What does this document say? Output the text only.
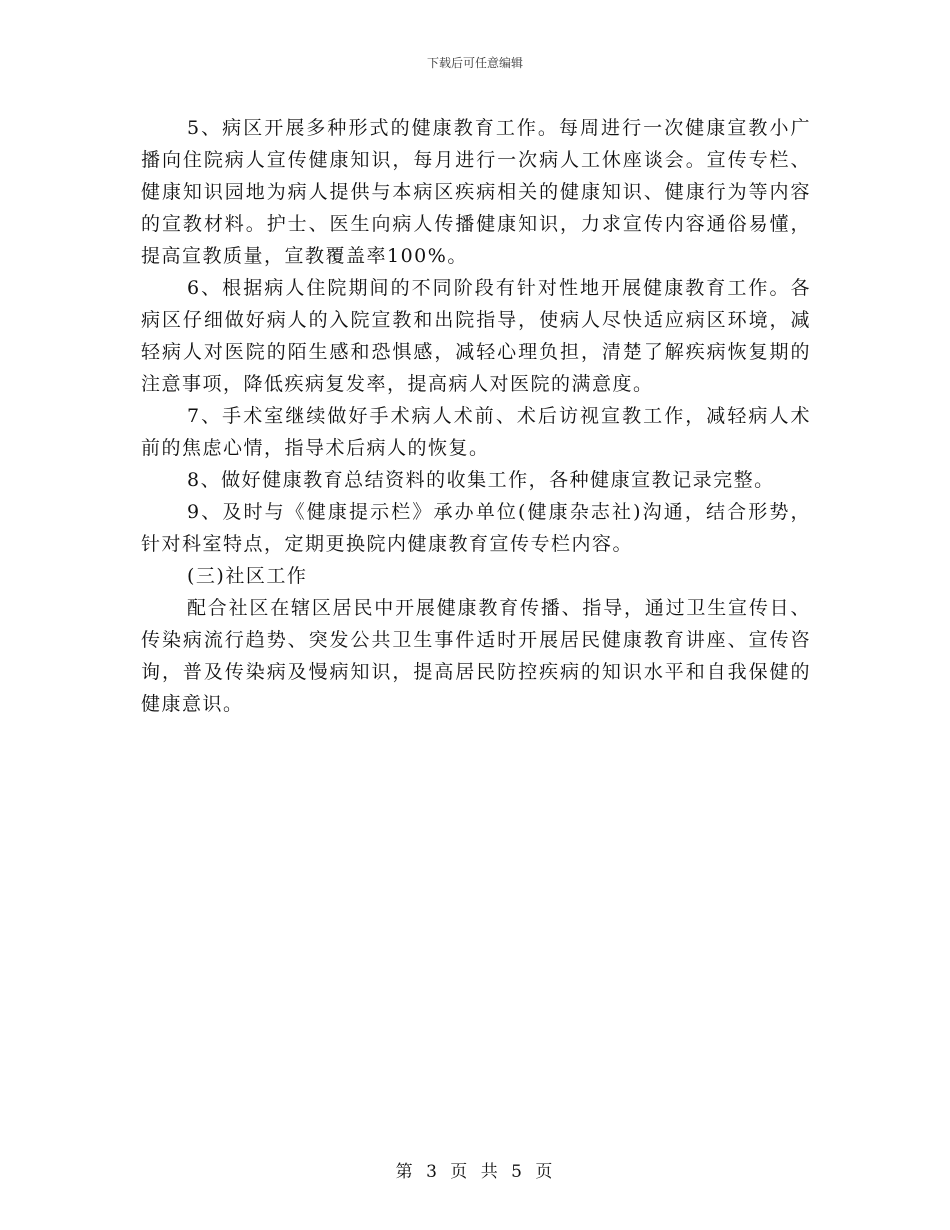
下载后可任意编辑

5、病区开展多种形式的健康教育工作。每周进行一次健康宣教小广播向住院病人宣传健康知识，每月进行一次病人工休座谈会。宣传专栏、健康知识园地为病人提供与本病区疾病相关的健康知识、健康行为等内容的宣教材料。护士、医生向病人传播健康知识，力求宣传内容通俗易懂，提高宣教质量，宣教覆盖率100%。

6、根据病人住院期间的不同阶段有针对性地开展健康教育工作。各病区仔细做好病人的入院宣教和出院指导，使病人尽快适应病区环境，减轻病人对医院的陌生感和恐惧感，减轻心理负担，清楚了解疾病恢复期的注意事项，降低疾病复发率，提高病人对医院的满意度。

7、手术室继续做好手术病人术前、术后访视宣教工作，减轻病人术前的焦虑心情，指导术后病人的恢复。

8、做好健康教育总结资料的收集工作，各种健康宣教记录完整。

9、及时与《健康提示栏》承办单位(健康杂志社)沟通，结合形势，针对科室特点，定期更换院内健康教育宣传专栏内容。

(三)社区工作

配合社区在辖区居民中开展健康教育传播、指导，通过卫生宣传日、传染病流行趋势、突发公共卫生事件适时开展居民健康教育讲座、宣传咨询，普及传染病及慢病知识，提高居民防控疾病的知识水平和自我保健的健康意识。

第 3 页 共 5 页
